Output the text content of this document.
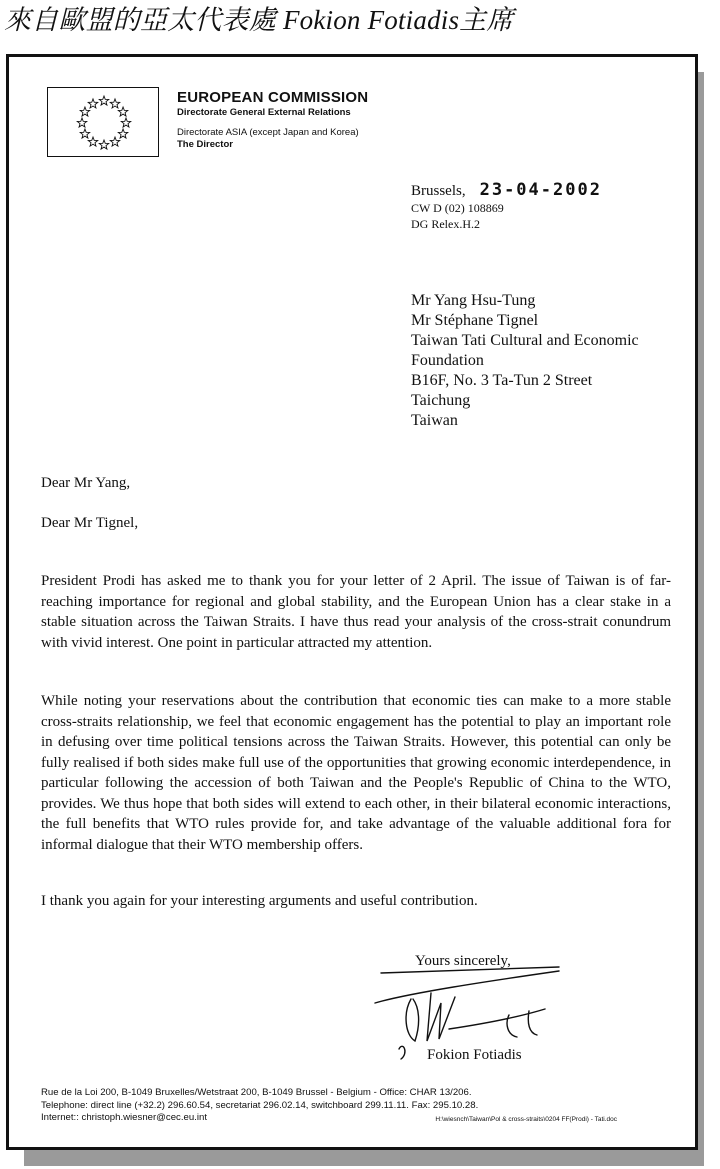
來自歐盟的亞太代表處 Fokion Fotiadis主席
EUROPEAN COMMISSION
Directorate General External Relations
Directorate ASIA (except Japan and Korea)
The Director
Brussels, 23-04-2002
CW D (02) 108869
DG Relex.H.2
Mr Yang Hsu-Tung
Mr Stéphane Tignel
Taiwan Tati Cultural and Economic
Foundation
B16F, No. 3 Ta-Tun 2 Street
Taichung
Taiwan
Dear Mr Yang,
Dear Mr Tignel,
President Prodi has asked me to thank you for your letter of 2 April. The issue of Taiwan is of far-reaching importance for regional and global stability, and the European Union has a clear stake in a stable situation across the Taiwan Straits. I have thus read your analysis of the cross-strait conundrum with vivid interest. One point in particular attracted my attention.
While noting your reservations about the contribution that economic ties can make to a more stable cross-straits relationship, we feel that economic engagement has the potential to play an important role in defusing over time political tensions across the Taiwan Straits. However, this potential can only be fully realised if both sides make full use of the opportunities that growing economic interdependence, in particular following the accession of both Taiwan and the People's Republic of China to the WTO, provides. We thus hope that both sides will extend to each other, in their bilateral economic interactions, the full benefits that WTO rules provide for, and take advantage of the valuable additional fora for informal dialogue that their WTO membership offers.
I thank you again for your interesting arguments and useful contribution.
Yours sincerely,
Fokion Fotiadis
Rue de la Loi 200, B-1049 Bruxelles/Wetstraat 200, B-1049 Brussel - Belgium - Office: CHAR 13/206.
Telephone: direct line (+32.2) 296.60.54, secretariat 296.02.14, switchboard 299.11.11. Fax: 295.10.28.
Internet:: christoph.wiesner@cec.eu.int	H:\wiesnch\Taiwan\Pol & cross-straits\0204 FF(Prodi) - Tati.doc
